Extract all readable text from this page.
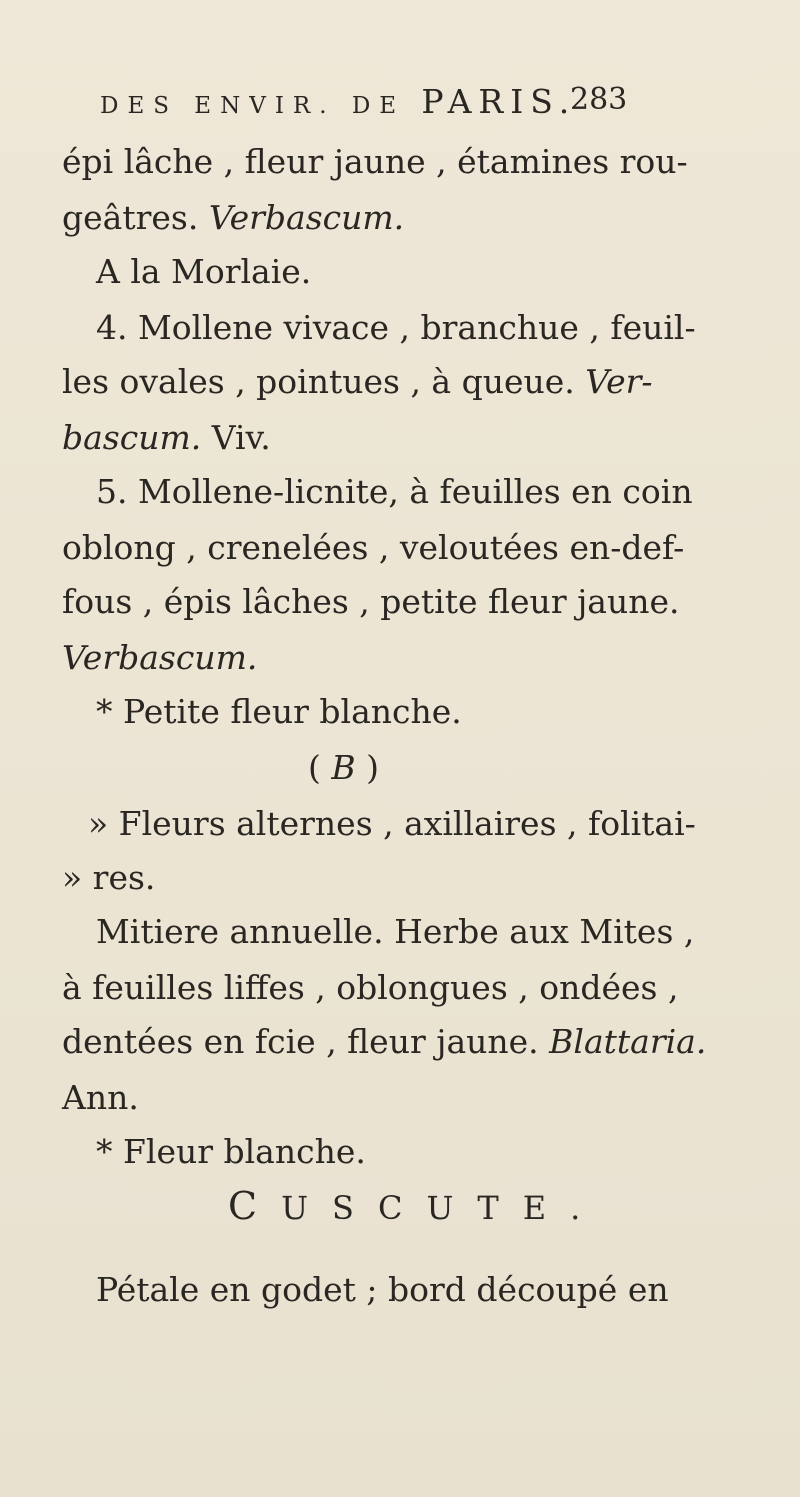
DES ENVIR. DE PARIS.
283
épi lâche , fleur jaune , étamines rou-
geâtres. Verbascum.
A la Morlaie.
4. Mollene vivace , branchue , feuil-
les ovales , pointues , à queue. Ver-
bascum. Viv.
5. Mollene-licnite, à feuilles en coin
oblong , crenelées , veloutées en-def-
fous , épis lâches , petite fleur jaune.
Verbascum.
* Petite fleur blanche.
( B )
» Fleurs alternes , axillaires , folitai-
» res.
Mitiere annuelle. Herbe aux Mites ,
à feuilles liffes , oblongues , ondées ,
dentées en fcie , fleur jaune. Blattaria.
Ann.
* Fleur blanche.
CUSCUTE.
Pétale en godet ; bord découpé en
